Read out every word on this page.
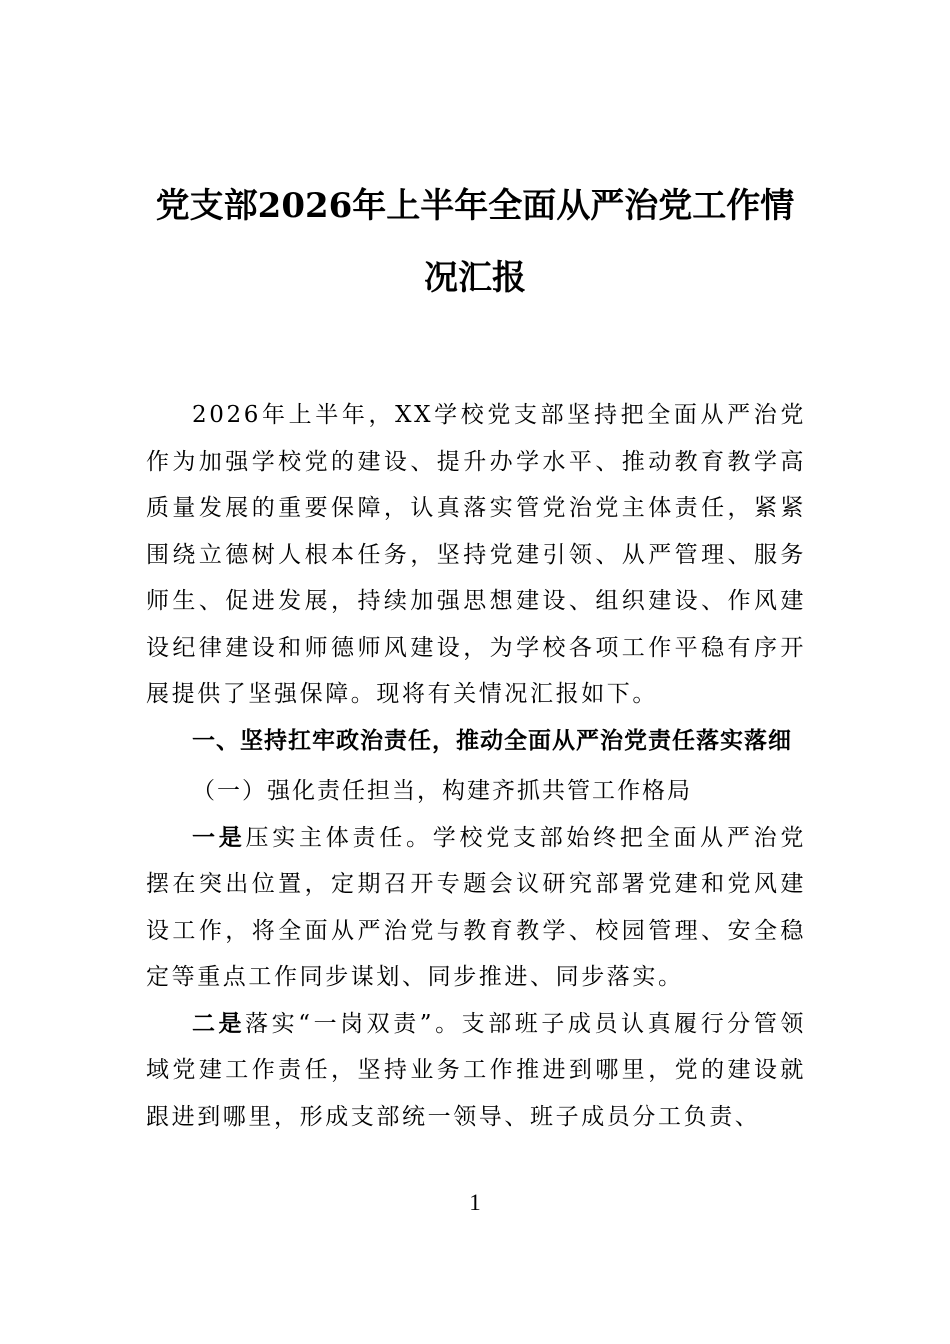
党支部2026年上半年全面从严治党工作情
况汇报

2026年上半年，XX学校党支部坚持把全面从严治党作为加强学校党的建设、提升办学水平、推动教育教学高质量发展的重要保障，认真落实管党治党主体责任，紧紧围绕立德树人根本任务，坚持党建引领、从严管理、服务师生、促进发展，持续加强思想建设、组织建设、作风建设纪律建设和师德师风建设，为学校各项工作平稳有序开展提供了坚强保障。现将有关情况汇报如下。

一、坚持扛牢政治责任，推动全面从严治党责任落实落细

（一）强化责任担当，构建齐抓共管工作格局

一是压实主体责任。学校党支部始终把全面从严治党摆在突出位置，定期召开专题会议研究部署党建和党风建设工作，将全面从严治党与教育教学、校园管理、安全稳定等重点工作同步谋划、同步推进、同步落实。

二是落实“一岗双责”。支部班子成员认真履行分管领域党建工作责任，坚持业务工作推进到哪里，党的建设就跟进到哪里，形成支部统一领导、班子成员分工负责、

1
